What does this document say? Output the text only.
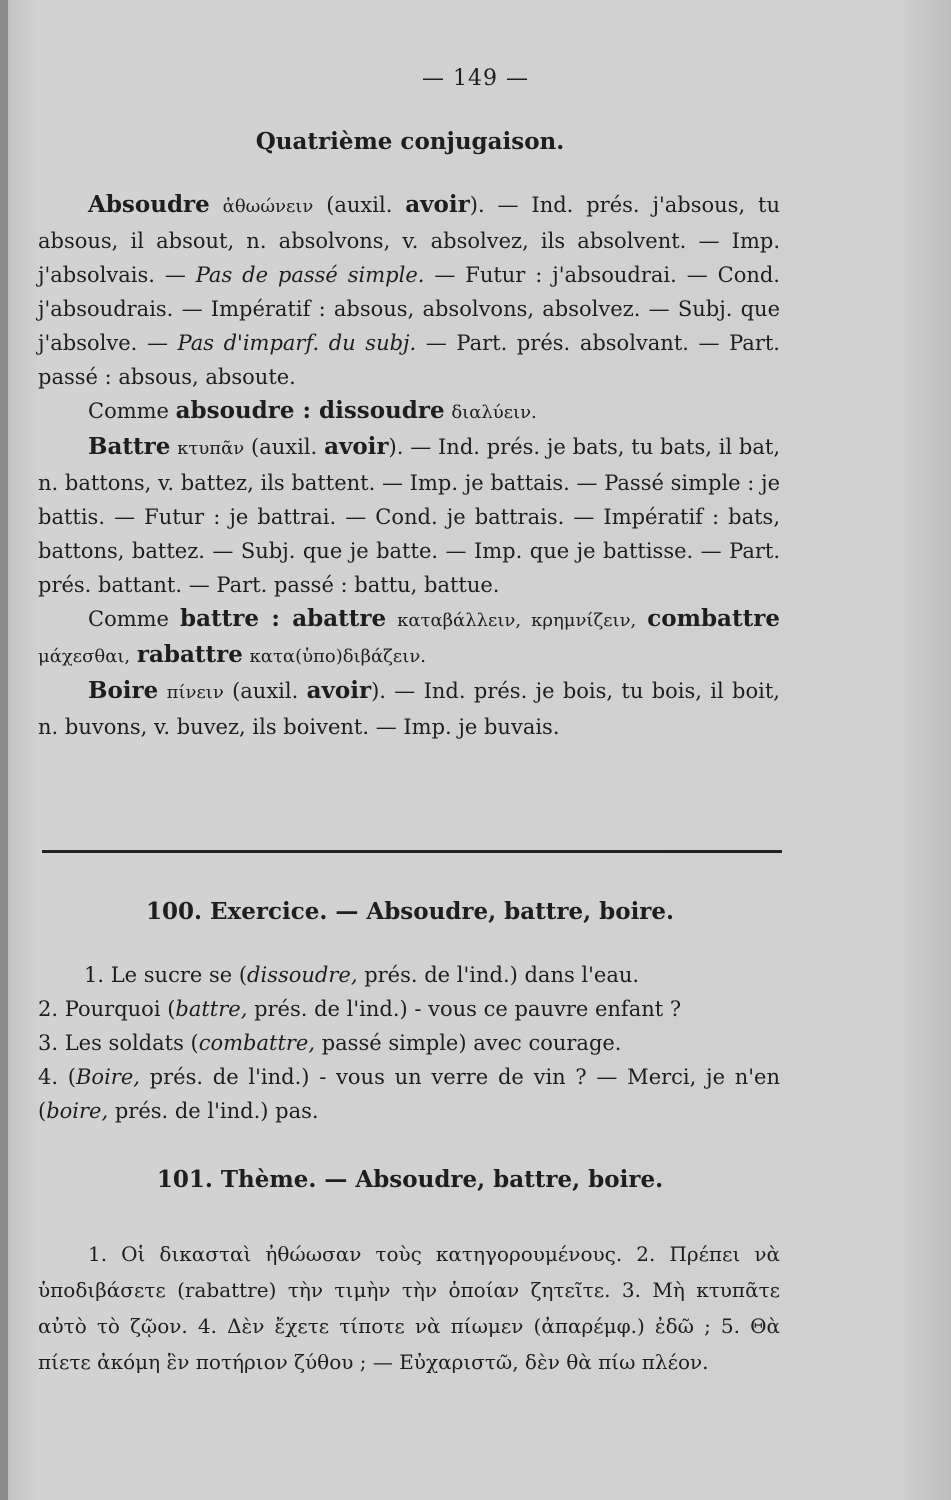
— 149 —
Quatrième conjugaison.

Absoudre ἀθωώνειν (auxil. avoir). — Ind. prés. j'absous, tu absous, il absout, n. absolvons, v. absolvez, ils absolvent. — Imp. j'absolvais. — Pas de passé simple. — Futur : j'absoudrai. — Cond. j'absoudrais. — Impératif : absous, absolvons, absolvez. — Subj. que j'absolve. — Pas d'imparf. du subj. — Part. prés. absolvant. — Part. passé : absous, absoute.

Comme absoudre : dissoudre διαλύειν.

Battre κτυπᾶν (auxil. avoir). — Ind. prés. je bats, tu bats, il bat, n. battons, v. battez, ils battent. — Imp. je battais. — Passé simple : je battis. — Futur : je battrai. — Cond. je battrais. — Impératif : bats, battons, battez. — Subj. que je batte. — Imp. que je battisse. — Part. prés. battant. — Part. passé : battu, battue.

Comme battre : abattre καταβάλλειν, κρημνίζειν, combattre μάχεσθαι, rabattre κατα(ὑπο)διβάζειν.

Boire πίνειν (auxil. avoir). — Ind. prés. je bois, tu bois, il boit, n. buvons, v. buvez, ils boivent. — Imp. je buvais.

100. Exercice. — Absoudre, battre, boire.

1. Le sucre se (dissoudre, prés. de l'ind.) dans l'eau.

2. Pourquoi (battre, prés. de l'ind.) - vous ce pauvre enfant ?

3. Les soldats (combattre, passé simple) avec courage.

4. (Boire, prés. de l'ind.) - vous un verre de vin ? — Merci, je n'en (boire, prés. de l'ind.) pas.

101. Thème. — Absoudre, battre, boire.

1. Οἱ δικασταὶ ἠθώωσαν τοὺς κατηγορουμένους. 2. Πρέπει νὰ ὑποδιβάσετε (rabattre) τὴν τιμὴν τὴν ὁποίαν ζητεῖτε. 3. Μὴ κτυπᾶτε αὐτὸ τὸ ζῷον. 4. Δὲν ἔχετε τίποτε νὰ πίωμεν (ἀπαρέμφ.) ἐδῶ ; 5. Θὰ πίετε ἀκόμη ἓν ποτήριον ζύθου ; — Εὐχαριστῶ, δὲν θὰ πίω πλέον.
